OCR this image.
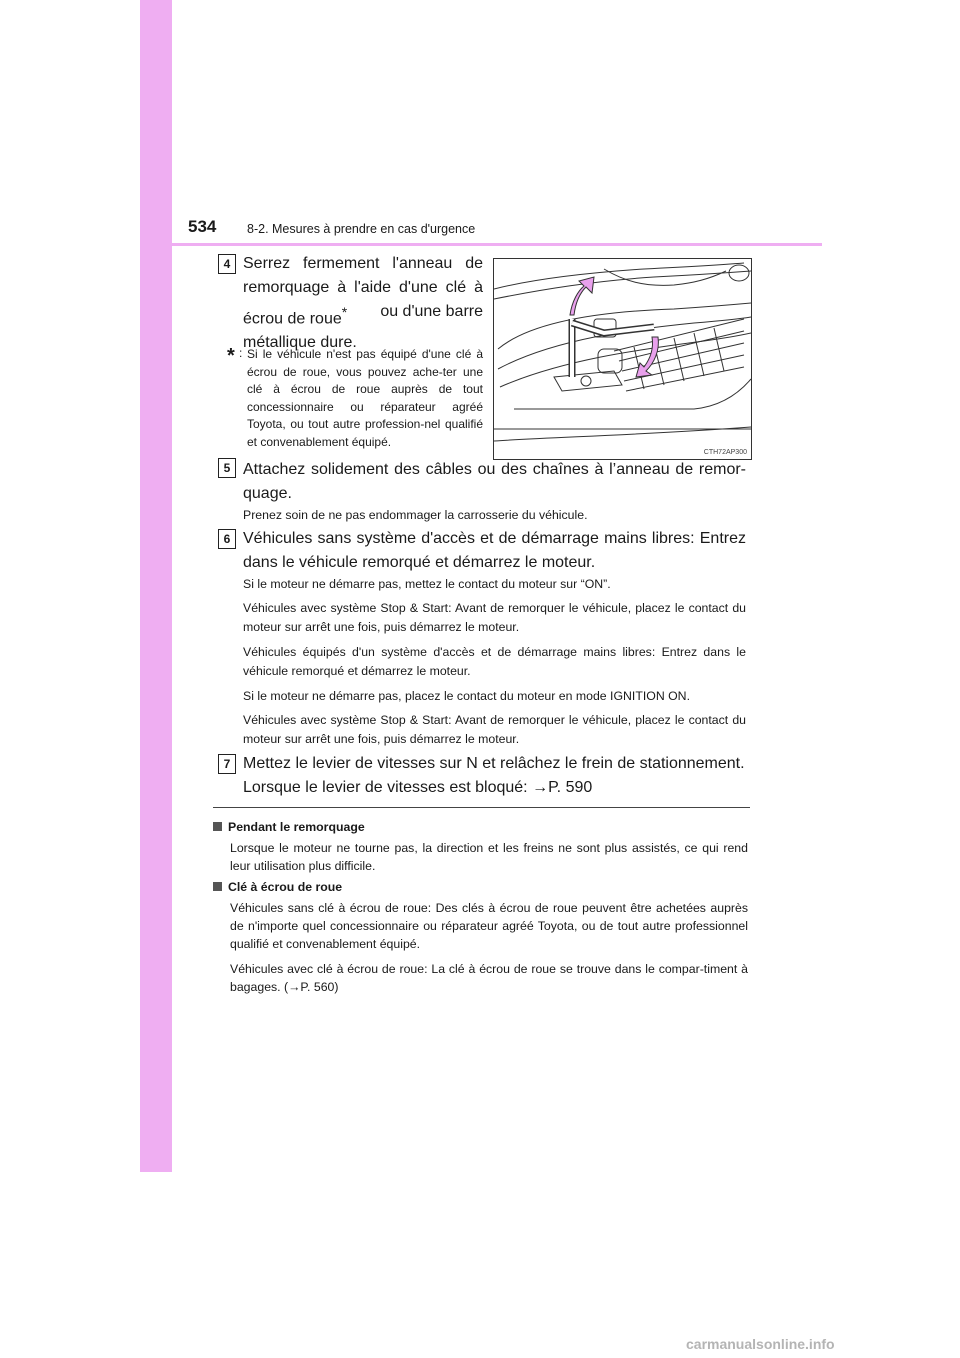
534 8-2. Mesures à prendre en cas d'urgence
4 Serrez fermement l'anneau de
remorquage à l'aide d'une clé à
écrou de roue* ou d'une barre
métallique dure.
* : Si le véhicule n'est pas équipé d'une clé à écrou de roue, vous pouvez ache-ter une clé à écrou de roue auprès de tout concessionnaire ou réparateur agréé Toyota, ou tout autre profession-nel qualifié et convenablement équipé.
CTH72AP300
5 Attachez solidement des câbles ou des chaînes à l’anneau de remor-quage.
Prenez soin de ne pas endommager la carrosserie du véhicule.
6 Véhicules sans système d'accès et de démarrage mains libres: Entrez dans le véhicule remorqué et démarrez le moteur.
Si le moteur ne démarre pas, mettez le contact du moteur sur “ON”.
Véhicules avec système Stop & Start: Avant de remorquer le véhicule, placez le contact du moteur sur arrêt une fois, puis démarrez le moteur.
Véhicules équipés d'un système d'accès et de démarrage mains libres: Entrez dans le véhicule remorqué et démarrez le moteur.
Si le moteur ne démarre pas, placez le contact du moteur en mode IGNITION ON.
Véhicules avec système Stop & Start: Avant de remorquer le véhicule, placez le contact du moteur sur arrêt une fois, puis démarrez le moteur.
7 Mettez le levier de vitesses sur N et relâchez le frein de stationnement.
Lorsque le levier de vitesses est bloqué: →P. 590
Pendant le remorquage
Lorsque le moteur ne tourne pas, la direction et les freins ne sont plus assistés, ce qui rend leur utilisation plus difficile.
Clé à écrou de roue
Véhicules sans clé à écrou de roue: Des clés à écrou de roue peuvent être achetées auprès de n'importe quel concessionnaire ou réparateur agréé Toyota, ou de tout autre professionnel qualifié et convenablement équipé.
Véhicules avec clé à écrou de roue: La clé à écrou de roue se trouve dans le compar-timent à bagages. (→P. 560)
carmanualsonline.info
